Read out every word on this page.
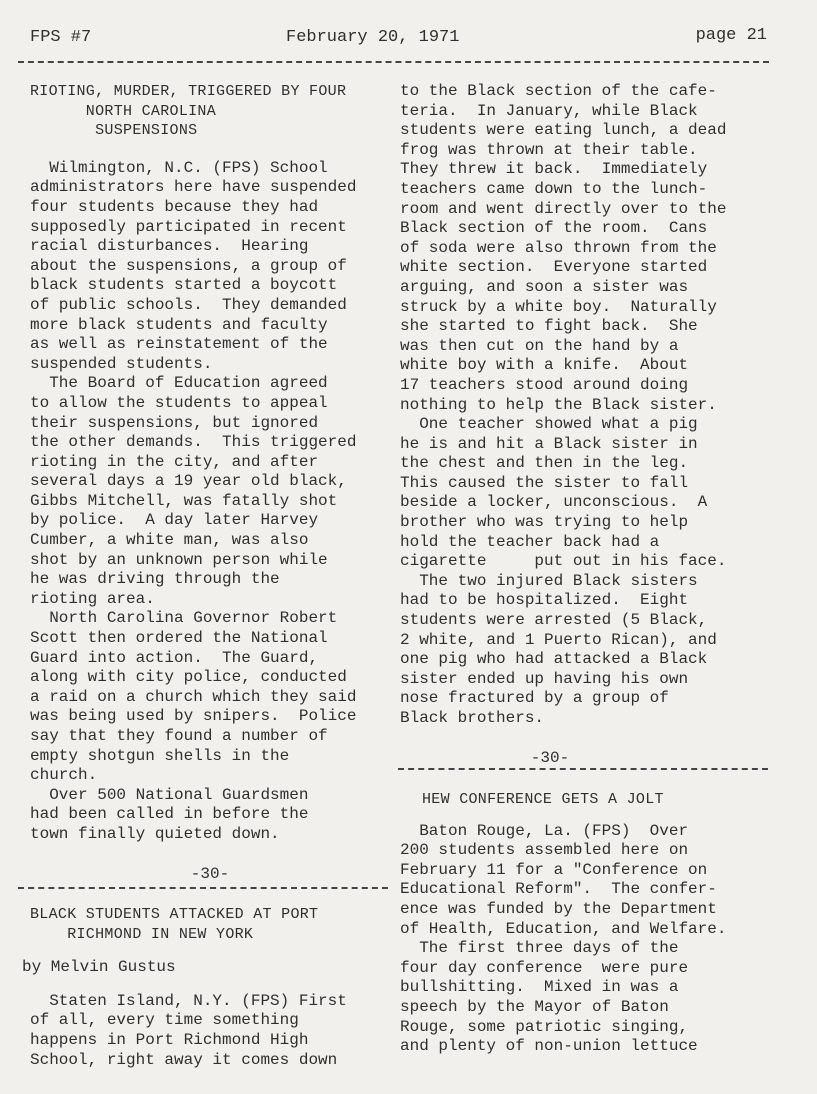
FPS #7	February 20, 1971	page 21

RIOTING, MURDER, TRIGGERED BY FOUR

NORTH CAROLINA

SUSPENSIONS

Wilmington, N.C. (FPS) School

administrators here have suspended

four students because they had

supposedly participated in recent

racial disturbances.  Hearing

about the suspensions, a group of

black students started a boycott

of public schools.  They demanded

more black students and faculty

as well as reinstatement of the

suspended students.

The Board of Education agreed

to allow the students to appeal

their suspensions, but ignored

the other demands.  This triggered

rioting in the city, and after

several days a 19 year old black,

Gibbs Mitchell, was fatally shot

by police.  A day later Harvey

Cumber, a white man, was also

shot by an unknown person while

he was driving through the

rioting area.

North Carolina Governor Robert

Scott then ordered the National

Guard into action.  The Guard,

along with city police, conducted

a raid on a church which they said

was being used by snipers.  Police

say that they found a number of

empty shotgun shells in the

church.

Over 500 National Guardsmen

had been called in before the

town finally quieted down.

-30-

BLACK STUDENTS ATTACKED AT PORT

RICHMOND IN NEW YORK

by Melvin Gustus

Staten Island, N.Y. (FPS) First

of all, every time something

happens in Port Richmond High

School, right away it comes down

to the Black section of the cafe-

teria.  In January, while Black

students were eating lunch, a dead

frog was thrown at their table.

They threw it back.  Immediately

teachers came down to the lunch-

room and went directly over to the

Black section of the room.  Cans

of soda were also thrown from the

white section.  Everyone started

arguing, and soon a sister was

struck by a white boy.  Naturally

she started to fight back.  She

was then cut on the hand by a

white boy with a knife.  About

17 teachers stood around doing

nothing to help the Black sister.

One teacher showed what a pig

he is and hit a Black sister in

the chest and then in the leg.

This caused the sister to fall

beside a locker, unconscious.  A

brother who was trying to help

hold the teacher back had a

cigarette     put out in his face.

The two injured Black sisters

had to be hospitalized.  Eight

students were arrested (5 Black,

2 white, and 1 Puerto Rican), and

one pig who had attacked a Black

sister ended up having his own

nose fractured by a group of

Black brothers.

-30-

HEW CONFERENCE GETS A JOLT

Baton Rouge, La. (FPS)  Over

200 students assembled here on

February 11 for a "Conference on

Educational Reform".  The confer-

ence was funded by the Department

of Health, Education, and Welfare.

The first three days of the

four day conference  were pure

bullshitting.  Mixed in was a

speech by the Mayor of Baton

Rouge, some patriotic singing,

and plenty of non-union lettuce
